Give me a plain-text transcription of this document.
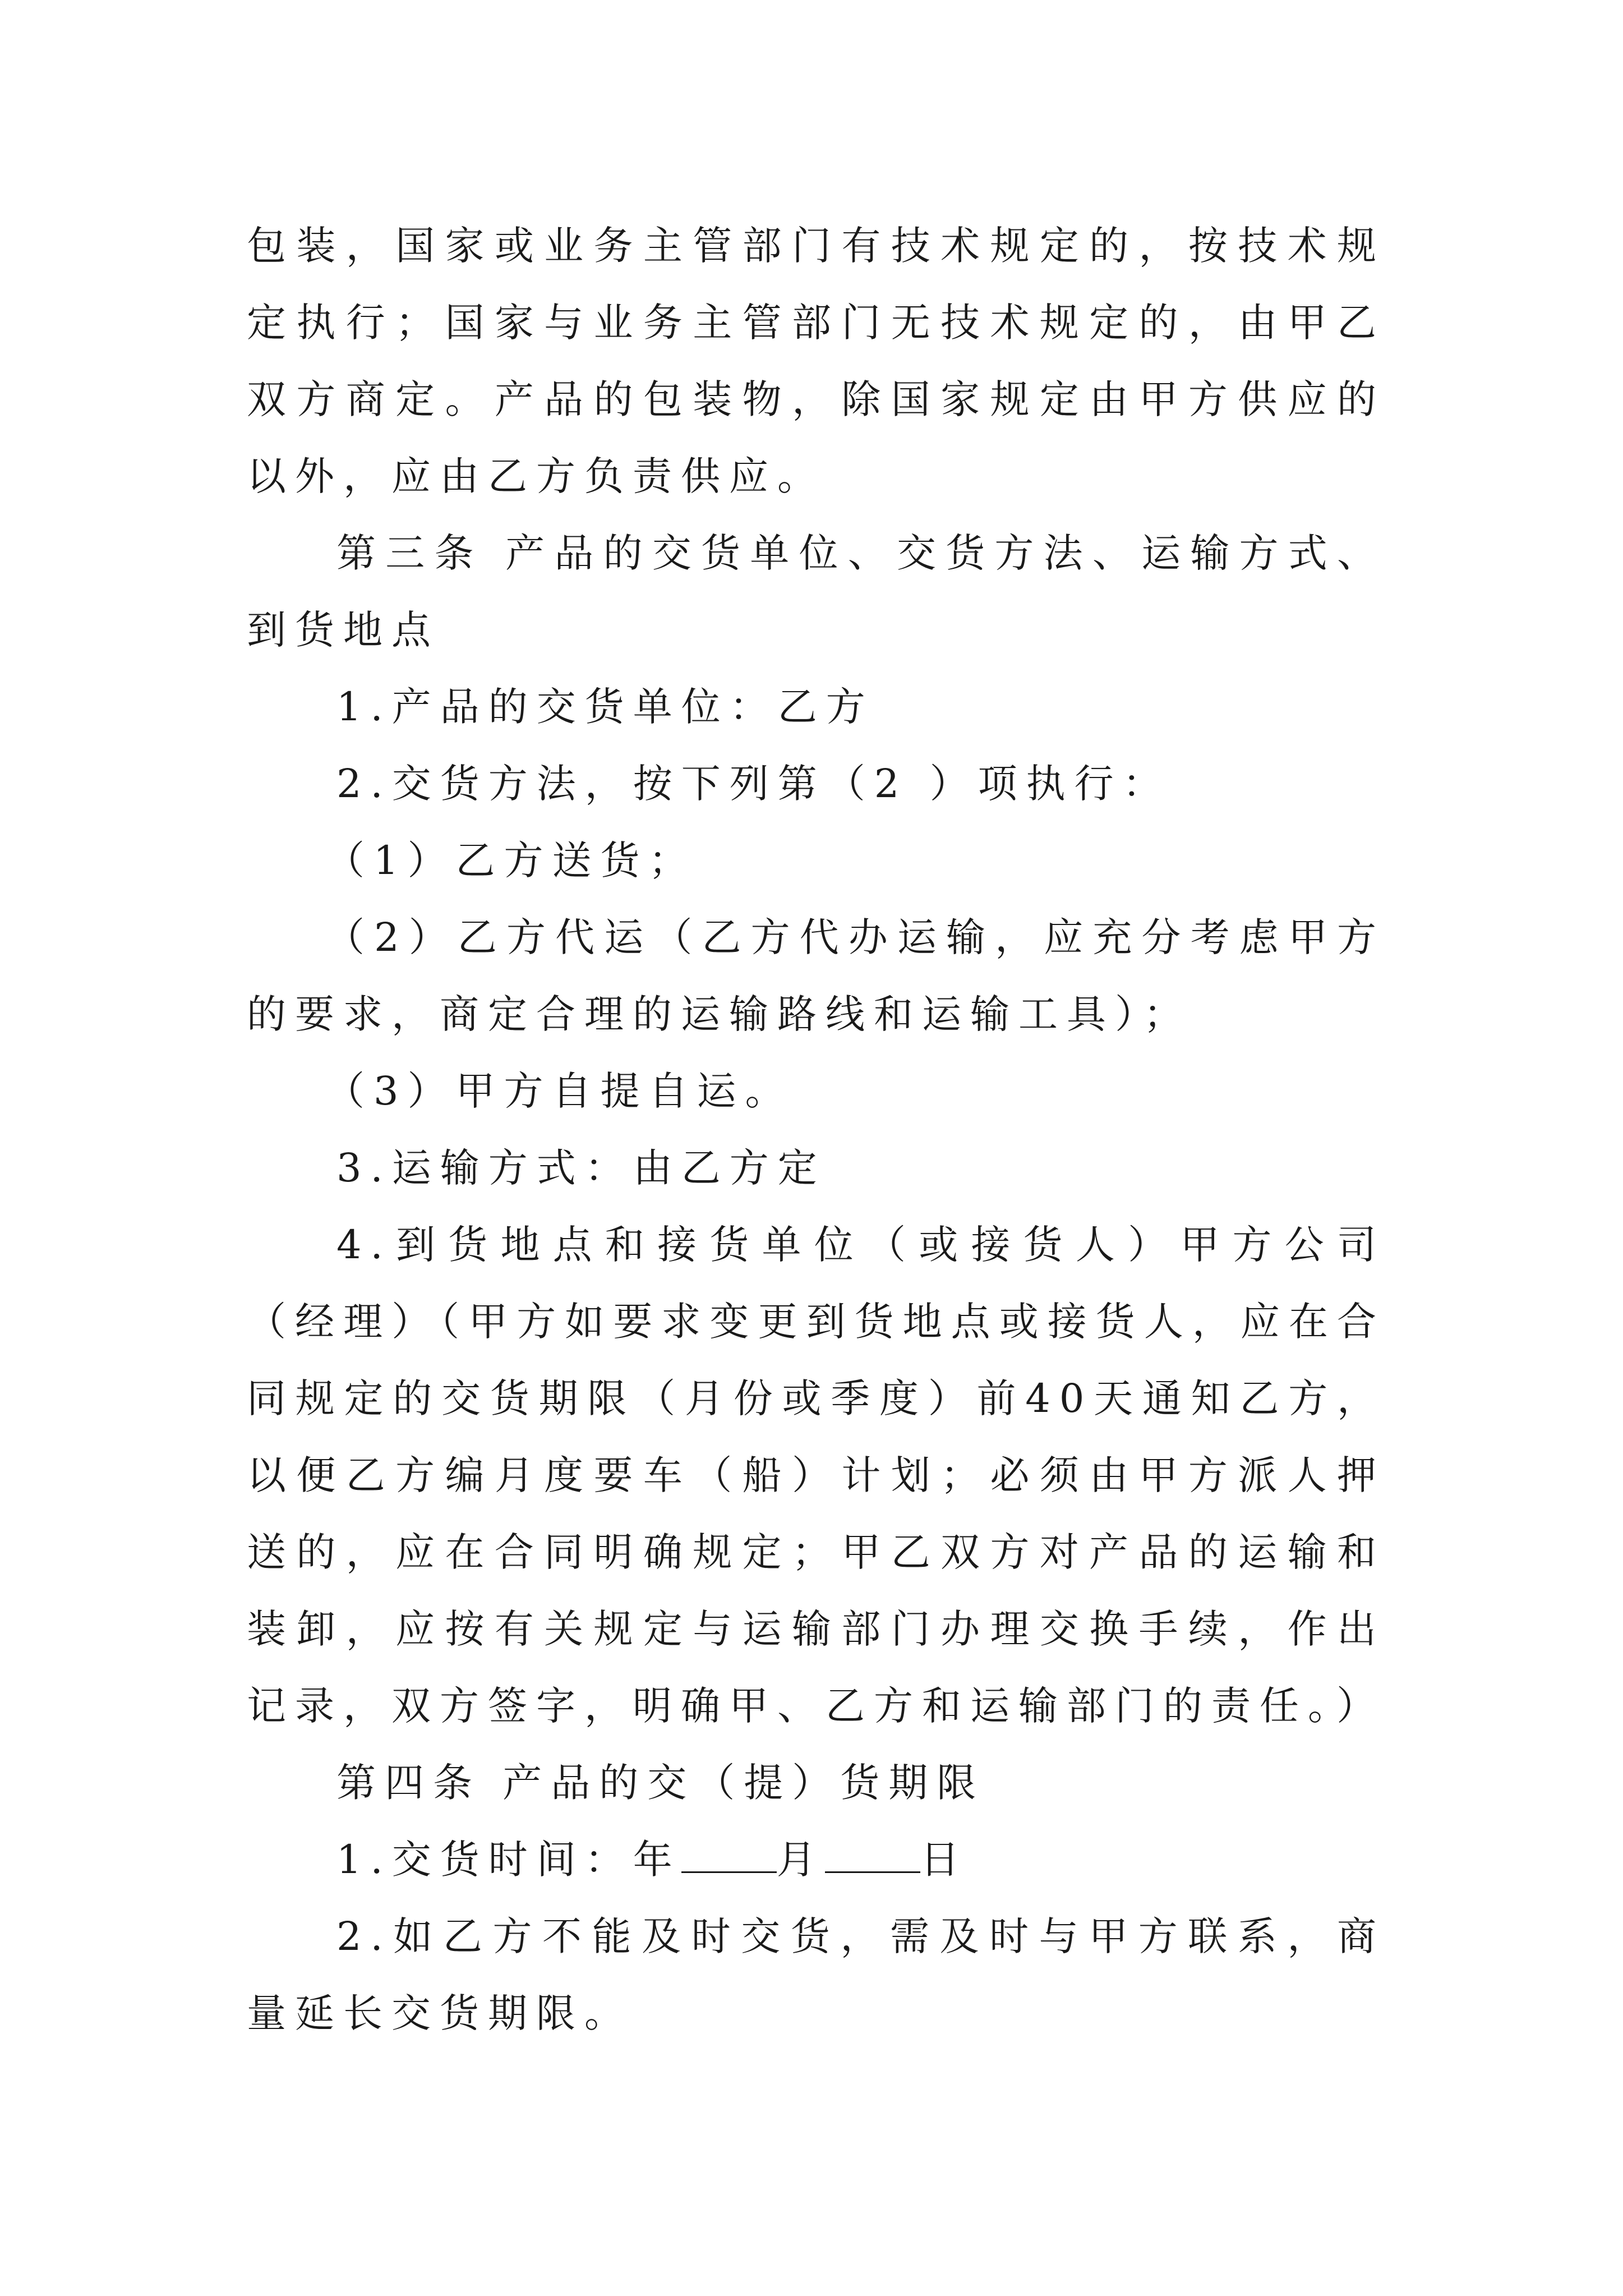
包装，国家或业务主管部门有技术规定的，按技术规定执行；国家与业务主管部门无技术规定的，由甲乙双方商定。产品的包装物，除国家规定由甲方供应的以外，应由乙方负责供应。

第三条 产品的交货单位、交货方法、运输方式、到货地点

1.产品的交货单位：乙方

2.交货方法，按下列第（2 ）项执行：

（1）乙方送货；

（2）乙方代运（乙方代办运输，应充分考虑甲方的要求，商定合理的运输路线和运输工具）；

（3）甲方自提自运。

3.运输方式：由乙方定

4.到货地点和接货单位（或接货人）甲方公司（经理）（甲方如要求变更到货地点或接货人，应在合同规定的交货期限（月份或季度）前40天通知乙方，以便乙方编月度要车（船）计划；必须由甲方派人押送的，应在合同明确规定；甲乙双方对产品的运输和装卸，应按有关规定与运输部门办理交换手续，作出记录，双方签字，明确甲、乙方和运输部门的责任。）

第四条 产品的交（提）货期限

1.交货时间：年 月 日

2.如乙方不能及时交货，需及时与甲方联系，商量延长交货期限。
